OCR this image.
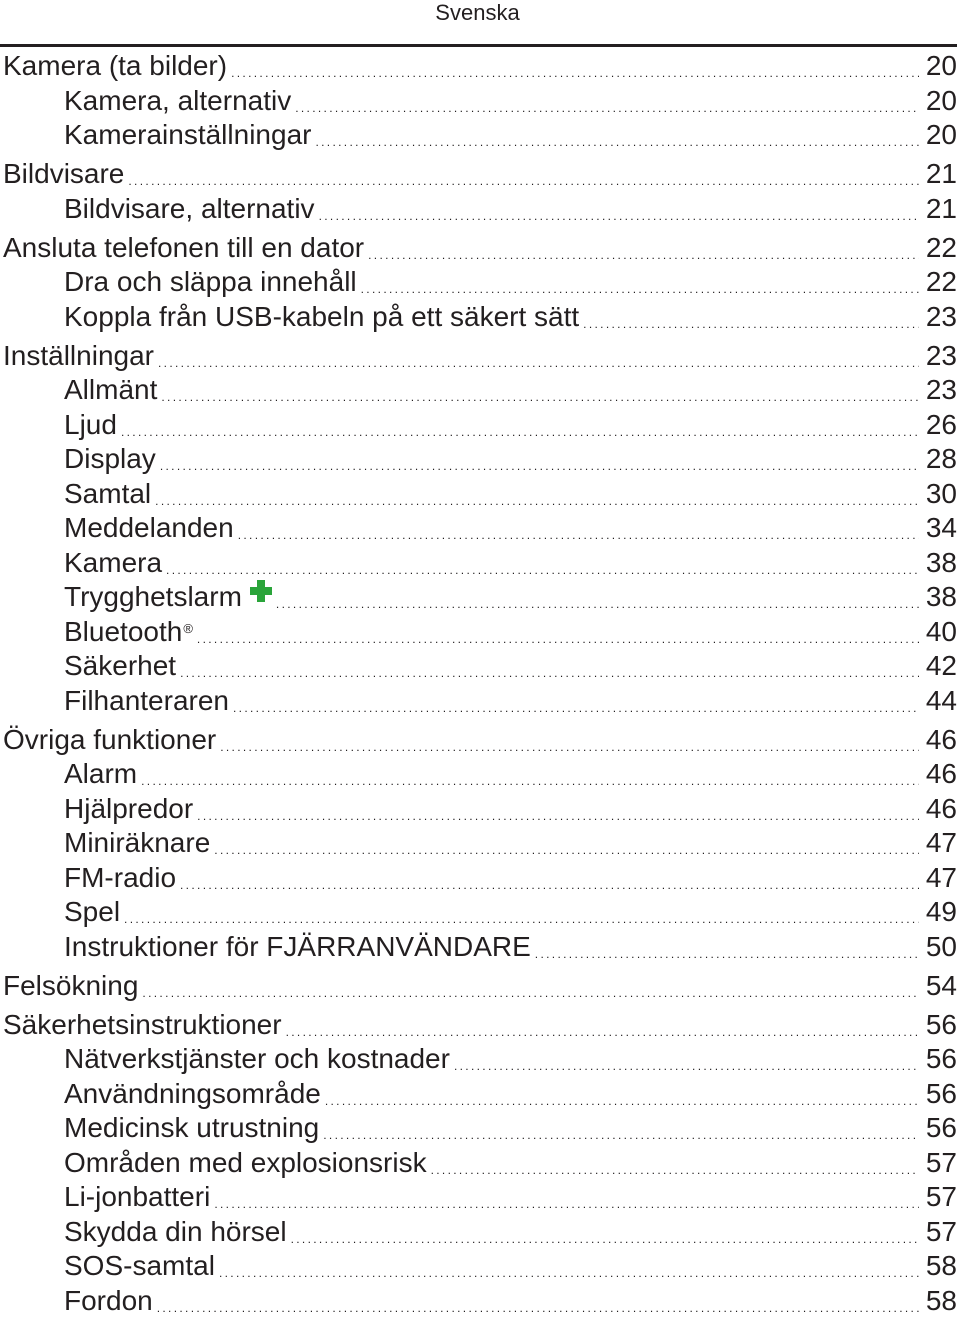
Svenska
Kamera (ta bilder) . . .	20
Kamera, alternativ . . .	20
Kamerainställningar . . .	20
Bildvisare . . .	21
Bildvisare, alternativ . . .	21
Ansluta telefonen till en dator . . .	22
Dra och släppa innehåll . . .	22
Koppla från USB-kabeln på ett säkert sätt . . .	23
Inställningar . . .	23
Allmänt . . .	23
Ljud . . .	26
Display . . .	28
Samtal . . .	30
Meddelanden . . .	34
Kamera . . .	38
Trygghetslarm . . .	38
Bluetooth ® . . .	40
Säkerhet . . .	42
Filhanteraren . . .	44
Övriga funktioner . . .	46
Alarm . . .	46
Hjälpredor . . .	46
Miniräknare . . .	47
FM-radio . . .	47
Spel . . .	49
Instruktioner för FJÄRRANVÄNDARE . . .	50
Felsökning . . .	54
Säkerhetsinstruktioner . . .	56
Nätverkstjänster och kostnader . . .	56
Användningsområde . . .	56
Medicinsk utrustning . . .	56
Områden med explosionsrisk . . .	57
Li-jonbatteri . . .	57
Skydda din hörsel . . .	57
SOS-samtal . . .	58
Fordon . . .	58
